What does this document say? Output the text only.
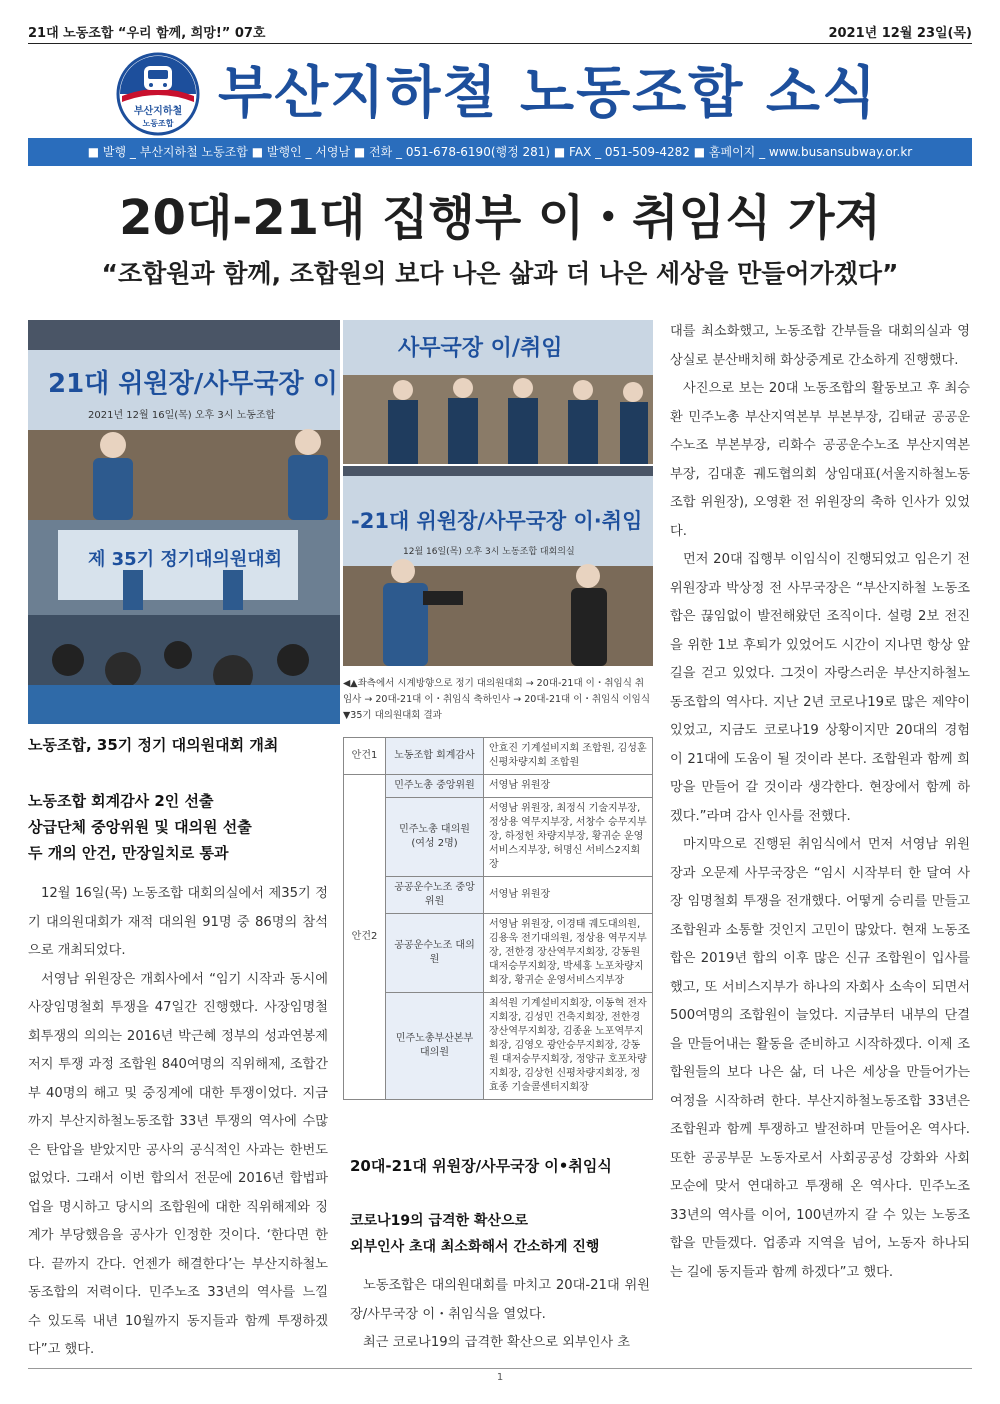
21대 노동조합 “우리 함께, 희망!” 07호	2021년 12월 23일(목)
부산지하철
노동조합 부산지하철 노동조합 소식
■ 발행 _ 부산지하철 노동조합 ■ 발행인 _ 서영남 ■ 전화 _ 051-678-6190(행정 281) ■ FAX _ 051-509-4282 ■ 홈페이지 _ www.busansubway.or.kr
20대-21대 집행부 이・취임식 가져
“조합원과 함께, 조합원의 보다 나은 삶과 더 나은 세상을 만들어가겠다”
21대 위원장/사무국장 이
2021년 12월 16일(목) 오후 3시 노동조합
제 35기 정기대의원대회
사무국장 이/취임
-21대 위원장/사무국장 이·취임
12월 16일(목) 오후 3시 노동조합 대회의실
◀▲좌측에서 시계방향으로 정기 대의원대회 → 20대-21대 이・취임식 취임사 → 20대-21대 이・취임식 축하인사 → 20대-21대 이・취임식 이임식 ▼35기 대의원대회 결과
노동조합, 35기 정기 대의원대회 개최
노동조합 회계감사 2인 선출
상급단체 중앙위원 및 대의원 선출
두 개의 안건, 만장일치로 통과

12월 16일(목) 노동조합 대회의실에서 제35기 정기 대의원대회가 재적 대의원 91명 중 86명의 참석으로 개최되었다.

서영남 위원장은 개회사에서 “임기 시작과 동시에 사장임명철회 투쟁을 47일간 진행했다. 사장임명철회투쟁의 의의는 2016년 박근혜 정부의 성과연봉제 저지 투쟁 과정 조합원 840여명의 직위해제, 조합간부 40명의 해고 및 중징계에 대한 투쟁이었다. 지금까지 부산지하철노동조합 33년 투쟁의 역사에 수많은 탄압을 받았지만 공사의 공식적인 사과는 한번도 없었다. 그래서 이번 합의서 전문에 2016년 합법파업을 명시하고 당시의 조합원에 대한 직위해제와 징계가 부당했음을 공사가 인정한 것이다. ‘한다면 한다. 끝까지 간다. 언젠가 해결한다’는 부산지하철노동조합의 저력이다. 민주노조 33년의 역사를 느낄 수 있도록 내년 10월까지 동지들과 함께 투쟁하겠다”고 했다.

안건1	노동조합 회계감사	안효진 기계설비지회 조합원, 김성훈 신평차량지회 조합원
안건2	민주노총 중앙위원	서영남 위원장
	민주노총 대의원 (여성 2명)	서영남 위원장, 최정식 기술지부장, 정상용 역무지부장, 서창수 승무지부장, 하정헌 차량지부장, 황귀순 운영서비스지부장, 허명신 서비스2지회장
	공공운수노조 중앙위원	서영남 위원장
	공공운수노조 대의원	서영남 위원장, 이경태 궤도대의원, 김용욱 전기대의원, 정상용 역무지부장, 전한경 장산역무지회장, 강동원 대저승무지회장, 박세홍 노포차량지회장, 황귀순 운영서비스지부장
	민주노총부산본부 대의원	최석원 기계설비지회장, 이동혁 전자지회장, 김성민 건축지회장, 전한경 장산역무지회장, 김종윤 노포역무지회장, 김영오 광안승무지회장, 강동원 대저승무지회장, 정양규 호포차량지회장, 김상헌 신평차량지회장, 정효종 기술콜센터지회장
20대-21대 위원장/사무국장 이•취임식
코로나19의 급격한 확산으로
외부인사 초대 최소화해서 간소하게 진행

노동조합은 대의원대회를 마치고 20대-21대 위원장/사무국장 이・취임식을 열었다.

최근 코로나19의 급격한 확산으로 외부인사 초

대를 최소화했고, 노동조합 간부들을 대회의실과 영상실로 분산배치해 화상중계로 간소하게 진행했다.

사진으로 보는 20대 노동조합의 활동보고 후 최승환 민주노총 부산지역본부 부본부장, 김태균 공공운수노조 부본부장, 리화수 공공운수노조 부산지역본부장, 김대훈 궤도협의회 상임대표(서울지하철노동조합 위원장), 오영환 전 위원장의 축하 인사가 있었다.

먼저 20대 집행부 이임식이 진행되었고 임은기 전 위원장과 박상정 전 사무국장은 “부산지하철 노동조합은 끊임없이 발전해왔던 조직이다. 설령 2보 전진을 위한 1보 후퇴가 있었어도 시간이 지나면 항상 앞길을 걷고 있었다. 그것이 자랑스러운 부산지하철노동조합의 역사다. 지난 2년 코로나19로 많은 제약이 있었고, 지금도 코로나19 상황이지만 20대의 경험이 21대에 도움이 될 것이라 본다. 조합원과 함께 희망을 만들어 갈 것이라 생각한다. 현장에서 함께 하겠다.”라며 감사 인사를 전했다.

마지막으로 진행된 취임식에서 먼저 서영남 위원장과 오문제 사무국장은 “임시 시작부터 한 달여 사장 임명철회 투쟁을 전개했다. 어떻게 승리를 만들고 조합원과 소통할 것인지 고민이 많았다. 현재 노동조합은 2019년 합의 이후 많은 신규 조합원이 입사를 했고, 또 서비스지부가 하나의 자회사 소속이 되면서 500여명의 조합원이 늘었다. 지금부터 내부의 단결을 만들어내는 활동을 준비하고 시작하겠다. 이제 조합원들의 보다 나은 삶, 더 나은 세상을 만들어가는 여정을 시작하려 한다. 부산지하철노동조합 33년은 조합원과 함께 투쟁하고 발전하며 만들어온 역사다. 또한 공공부문 노동자로서 사회공공성 강화와 사회 모순에 맞서 연대하고 투쟁해 온 역사다. 민주노조 33년의 역사를 이어, 100년까지 갈 수 있는 노동조합을 만들겠다. 업종과 지역을 넘어, 노동자 하나되는 길에 동지들과 함께 하겠다”고 했다.

1
